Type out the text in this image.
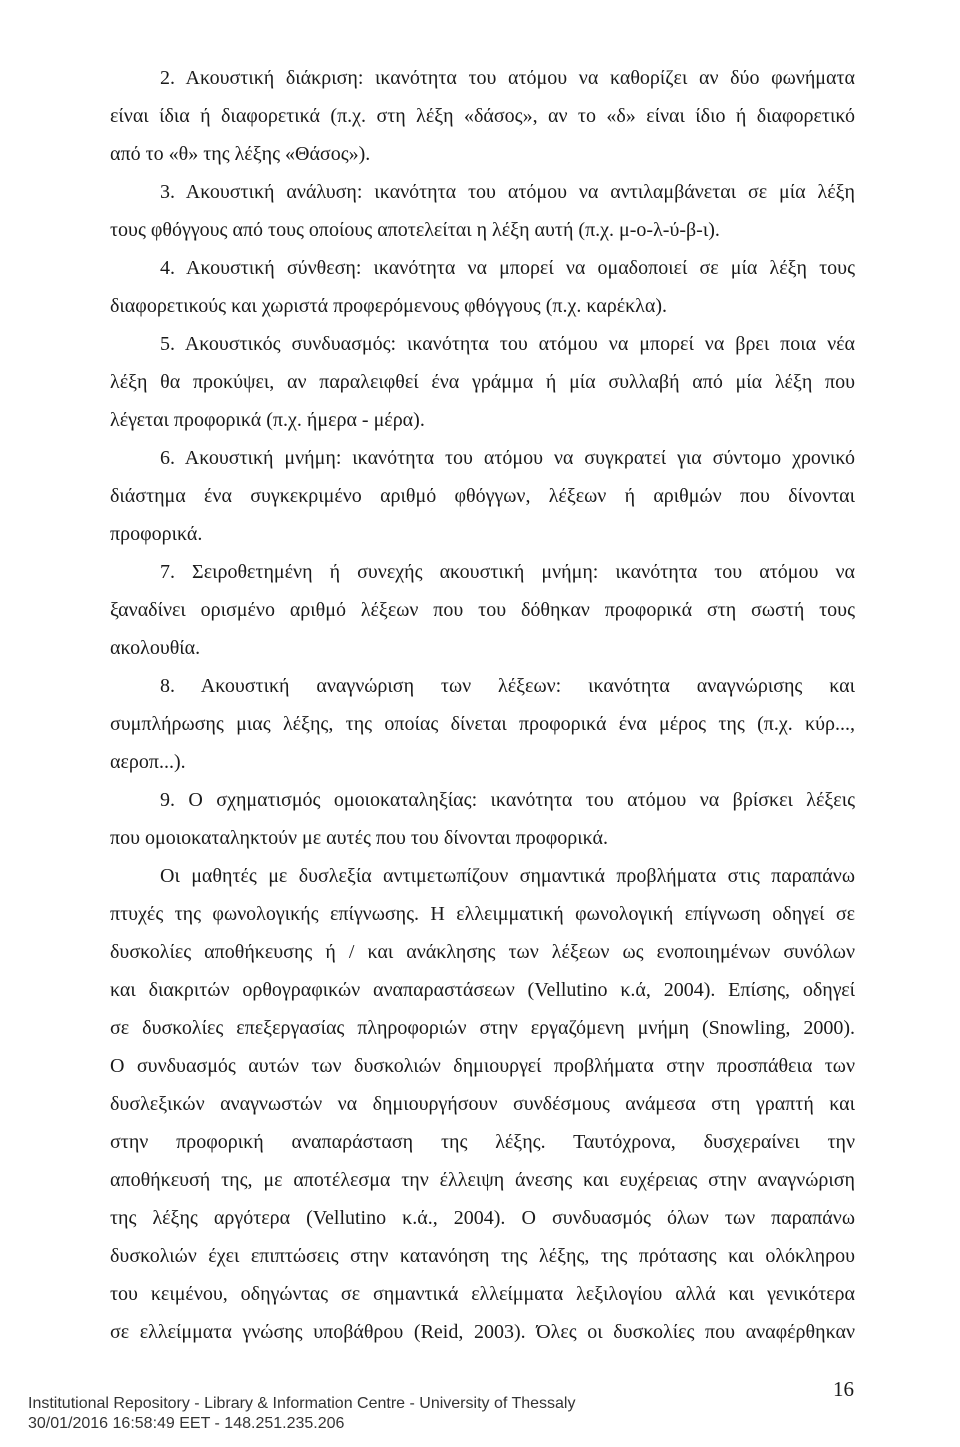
2. Ακουστική διάκριση: ικανότητα του ατόμου να καθορίζει αν δύο φωνήματα
είναι ίδια ή διαφορετικά (π.χ. στη λέξη «δάσος», αν το «δ» είναι ίδιο ή διαφορετικό
από το «θ» της λέξης «Θάσος»).
3. Ακουστική ανάλυση: ικανότητα του ατόμου να αντιλαμβάνεται σε μία λέξη
τους φθόγγους από τους οποίους αποτελείται η λέξη αυτή (π.χ. μ-ο-λ-ύ-β-ι).
4. Ακουστική σύνθεση: ικανότητα να μπορεί να ομαδοποιεί σε μία λέξη τους
διαφορετικούς και χωριστά προφερόμενους φθόγγους (π.χ. καρέκλα).
5. Ακουστικός συνδυασμός: ικανότητα του ατόμου να μπορεί να βρει ποια νέα
λέξη θα προκύψει, αν παραλειφθεί ένα γράμμα ή μία συλλαβή από μία λέξη που
λέγεται προφορικά (π.χ. ήμερα - μέρα).
6. Ακουστική μνήμη: ικανότητα του ατόμου να συγκρατεί για σύντομο χρονικό
διάστημα ένα συγκεκριμένο αριθμό φθόγγων, λέξεων ή αριθμών που δίνονται
προφορικά.
7. Σειροθετημένη ή συνεχής ακουστική μνήμη: ικανότητα του ατόμου να
ξαναδίνει ορισμένο αριθμό λέξεων που του δόθηκαν προφορικά στη σωστή τους
ακολουθία.
8. Ακουστική αναγνώριση των λέξεων: ικανότητα αναγνώρισης και
συμπλήρωσης μιας λέξης, της οποίας δίνεται προφορικά ένα μέρος της (π.χ. κύρ...,
αεροπ...).
9. Ο σχηματισμός ομοιοκαταληξίας: ικανότητα του ατόμου να βρίσκει λέξεις
που ομοιοκαταληκτούν με αυτές που του δίνονται προφορικά.
Οι μαθητές με δυσλεξία αντιμετωπίζουν σημαντικά προβλήματα στις παραπάνω
πτυχές της φωνολογικής επίγνωσης. Η ελλειμματική φωνολογική επίγνωση οδηγεί σε
δυσκολίες αποθήκευσης ή / και ανάκλησης των λέξεων ως ενοποιημένων συνόλων
και διακριτών ορθογραφικών αναπαραστάσεων (Vellutino κ.ά, 2004). Επίσης, οδηγεί
σε δυσκολίες επεξεργασίας πληροφοριών στην εργαζόμενη μνήμη (Snowling, 2000).
Ο συνδυασμός αυτών των δυσκολιών δημιουργεί προβλήματα στην προσπάθεια των
δυσλεξικών αναγνωστών να δημιουργήσουν συνδέσμους ανάμεσα στη γραπτή και
στην προφορική αναπαράσταση της λέξης. Ταυτόχρονα, δυσχεραίνει την
αποθήκευσή της, με αποτέλεσμα την έλλειψη άνεσης και ευχέρειας στην αναγνώριση
της λέξης αργότερα (Vellutino κ.ά., 2004). Ο συνδυασμός όλων των παραπάνω
δυσκολιών έχει επιπτώσεις στην κατανόηση της λέξης, της πρότασης και ολόκληρου
του κειμένου, οδηγώντας σε σημαντικά ελλείμματα λεξιλογίου αλλά και γενικότερα
σε ελλείμματα γνώσης υποβάθρου (Reid, 2003). Όλες οι δυσκολίες που αναφέρθηκαν
16
Institutional Repository - Library & Information Centre - University of Thessaly
30/01/2016 16:58:49 EET - 148.251.235.206
